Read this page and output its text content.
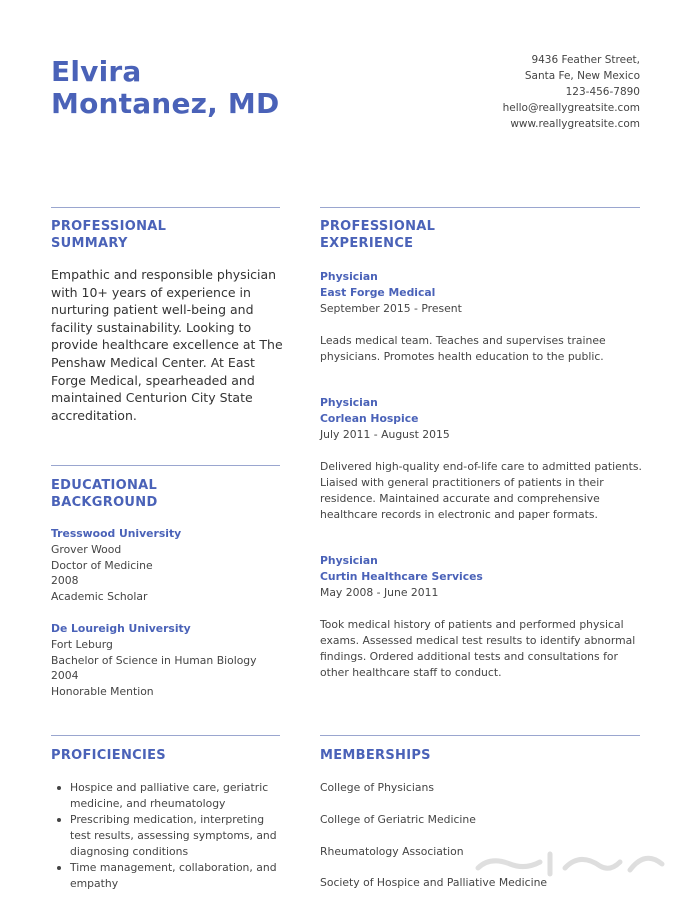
Elvira
Montanez, MD
9436 Feather Street,
Santa Fe, New Mexico
123-456-7890
hello@reallygreatsite.com
www.reallygreatsite.com
PROFESSIONAL
SUMMARY
Empathic and responsible physician with 10+ years of experience in nurturing patient well-being and facility sustainability. Looking to provide healthcare excellence at The Penshaw Medical Center. At East Forge Medical, spearheaded and maintained Centurion City State accreditation.
EDUCATIONAL
BACKGROUND
Tresswood University
Grover Wood
Doctor of Medicine
2008
Academic Scholar
De Loureigh University
Fort Leburg
Bachelor of Science in Human Biology
2004
Honorable Mention
PROFESSIONAL
EXPERIENCE
Physician
East Forge Medical
September 2015 - Present
Leads medical team. Teaches and supervises trainee physicians. Promotes health education to the public.
Physician
Corlean Hospice
July 2011 - August 2015
Delivered high-quality end-of-life care to admitted patients. Liaised with general practitioners of patients in their residence. Maintained accurate and comprehensive healthcare records in electronic and paper formats.
Physician
Curtin Healthcare Services
May 2008 - June 2011
Took medical history of patients and performed physical exams. Assessed medical test results to identify abnormal findings. Ordered additional tests and consultations for other healthcare staff to conduct.
PROFICIENCIES
Hospice and palliative care, geriatric medicine, and rheumatology
Prescribing medication, interpreting test results, assessing symptoms, and diagnosing conditions
Time management, collaboration, and empathy
MEMBERSHIPS
College of Physicians
College of Geriatric Medicine
Rheumatology Association
Society of Hospice and Palliative Medicine
